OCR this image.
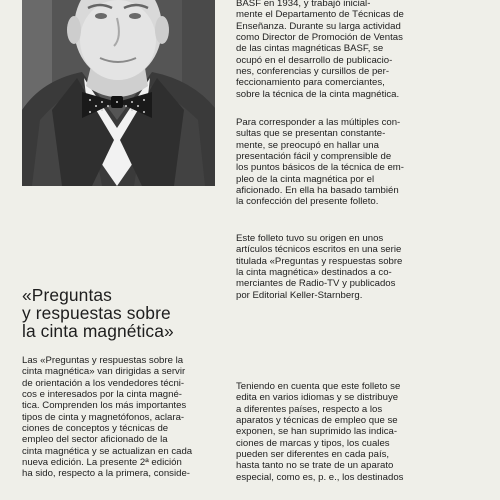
BASF en 1934, y trabajó inicial-
mente el Departamento de Técnicas de
Enseñanza. Durante su larga actividad
como Director de Promoción de Ventas
de las cintas magnéticas BASF, se
ocupó en el desarrollo de publicacio-
nes, conferencias y cursillos de per-
feccionamiento para comerciantes,
sobre la técnica de la cinta magnética.

Para corresponder a las múltiples con-
sultas que se presentan constante-
mente, se preocupó en hallar una
presentación fácil y comprensible de
los puntos básicos de la técnica de em-
pleo de la cinta magnética por el
aficionado. En ella ha basado también
la confección del presente folleto.

Este folleto tuvo su origen en unos
artículos técnicos escritos en una serie
titulada «Preguntas y respuestas sobre
la cinta magnética» destinados a co-
merciantes de Radio-TV y publicados
por Editorial Keller-Starnberg.

«Preguntas
y respuestas sobre
la cinta magnética»

Las «Preguntas y respuestas sobre la
cinta magnética» van dirigidas a servir
de orientación a los vendedores técni-
cos e interesados por la cinta magné-
tica. Comprenden los más importantes
tipos de cinta y magnetófonos, aclara-
ciones de conceptos y técnicas de
empleo del sector aficionado de la
cinta magnética y se actualizan en cada
nueva edición. La presente 2ª edición
ha sido, respecto a la primera, conside-

Teniendo en cuenta que este folleto se
edita en varios idiomas y se distribuye
a diferentes países, respecto a los
aparatos y técnicas de empleo que se
exponen, se han suprimido las indica-
ciones de marcas y tipos, los cuales
pueden ser diferentes en cada país,
hasta tanto no se trate de un aparato
especial, como es, p. e., los destinados
